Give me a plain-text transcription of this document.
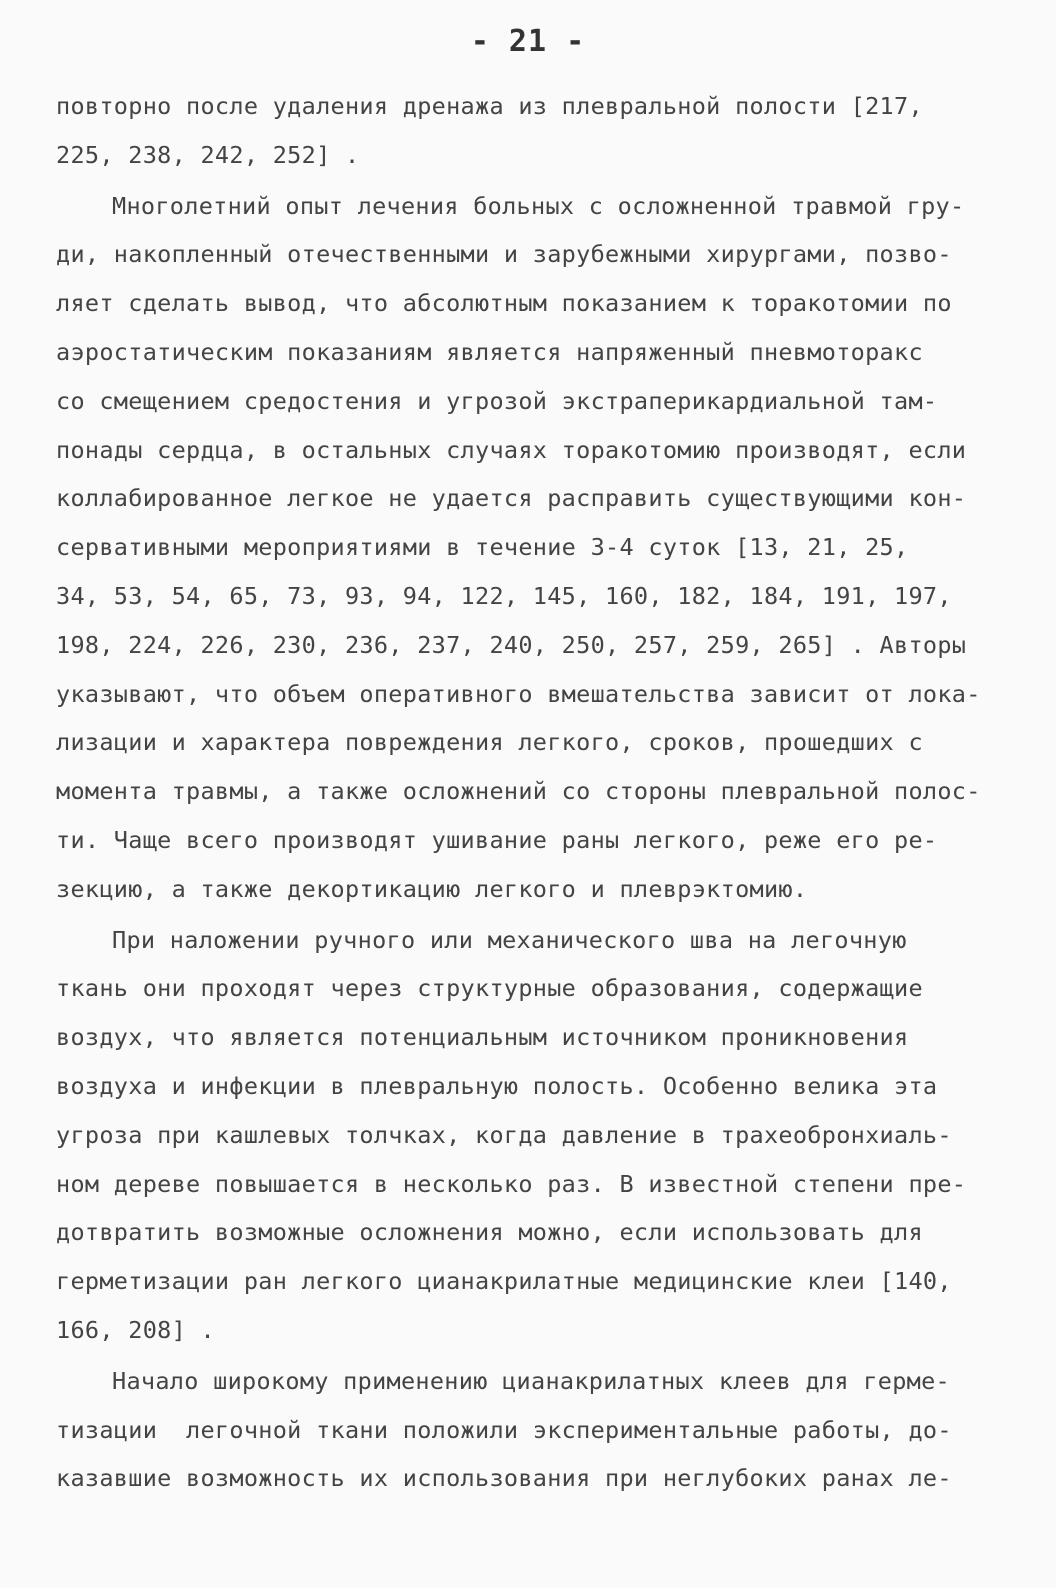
- 21 -
повторно после удаления дренажа из плевральной полости [217,
225, 238, 242, 252] .
Многолетний опыт лечения больных с осложненной травмой гру-
ди, накопленный отечественными и зарубежными хирургами, позво-
ляет сделать вывод, что абсолютным показанием к торакотомии по
аэростатическим показаниям является напряженный пневмоторакс
со смещением средостения и угрозой экстраперикардиальной там-
понады сердца, в остальных случаях торакотомию производят, если
коллабированное легкое не удается расправить существующими кон-
сервативными мероприятиями в течение 3-4 суток [13, 21, 25,
34, 53, 54, 65, 73, 93, 94, 122, 145, 160, 182, 184, 191, 197,
198, 224, 226, 230, 236, 237, 240, 250, 257, 259, 265] . Авторы
указывают, что объем оперативного вмешательства зависит от лока-
лизации и характера повреждения легкого, сроков, прошедших с
момента травмы, а также осложнений со стороны плевральной полос-
ти. Чаще всего производят ушивание раны легкого, реже его ре-
зекцию, а также декортикацию легкого и плеврэктомию.
При наложении ручного или механического шва на легочную
ткань они проходят через структурные образования, содержащие
воздух, что является потенциальным источником проникновения
воздуха и инфекции в плевральную полость. Особенно велика эта
угроза при кашлевых толчках, когда давление в трахеобронхиаль-
ном дереве повышается в несколько раз. В известной степени пре-
дотвратить возможные осложнения можно, если использовать для
герметизации ран легкого цианакрилатные медицинские клеи [140,
166, 208] .
Начало широкому применению цианакрилатных клеев для герме-
тизации  легочной ткани положили экспериментальные работы, до-
казавшие возможность их использования при неглубоких ранах ле-
